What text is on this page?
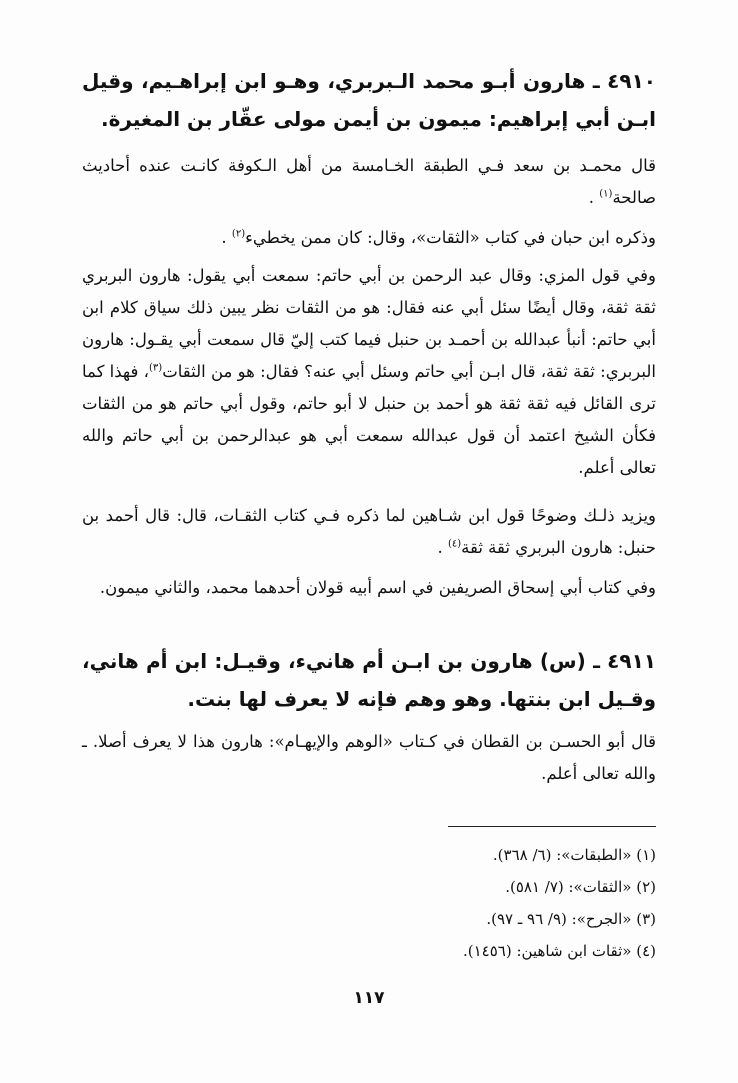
٤٩١٠ ـ هارون أبـو محمد الـبربري، وهـو ابن إبراهـيم، وقيل ابـن أبي إبراهيم: ميمون بن أيمن مولى عقّار بن المغيرة.
قال محمـد بن سعد فـي الطبقة الخـامسة من أهل الـكوفة كانـت عنده أحاديث صالحة$^{(١)}$ .
وذكره ابن حبان في كتاب «الثقات»، وقال: كان ممن يخطيء$^{(٢)}$ .
وفي قول المزي: وقال عبد الرحمن بن أبي حاتم: سمعت أبي يقول: هارون البربري ثقة ثقة، وقال أيضًا سئل أبي عنه فقال: هو من الثقات نظر يبين ذلك سياق كلام ابن أبي حاتم: أنبأ عبدالله بن أحمـد بن حنبل فيما كتب إليّ قال سمعت أبي يقـول: هارون البربري: ثقة ثقة، قال ابـن أبي حاتم وسئل أبي عنه؟ فقال: هو من الثقات$^{(٣)}$، فهذا كما ترى القائل فيه ثقة ثقة هو أحمد بن حنبل لا أبو حاتم، وقول أبي حاتم هو من الثقات فكأن الشيخ اعتمد أن قول عبدالله سمعت أبي هو عبدالرحمن بن أبي حاتم والله تعالى أعلم.
ويزيد ذلـك وضوحًا قول ابن شـاهين لما ذكره فـي كتاب الثقـات، قال: قال أحمد بن حنبل: هارون البربري ثقة ثقة$^{(٤)}$ .
وفي كتاب أبي إسحاق الصريفين في اسم أبيه قولان أحدهما محمد، والثاني ميمون.
٤٩١١ ـ (س) هارون بن ابـن أم هانيء، وقيـل: ابن أم هاني، وقـيل ابن بنتها. وهو وهم فإنه لا يعرف لها بنت.
قال أبو الحسـن بن القطان في كـتاب «الوهم والإيهـام»: هارون هذا لا يعرف أصلا. ـ والله تعالى أعلم.
(١) «الطبقات»: (٦/ ٣٦٨).
(٢) «الثقات»: (٧/ ٥٨١).
(٣) «الجرح»: (٩/ ٩٦ ـ ٩٧).
(٤) «ثقات ابن شاهين: (١٤٥٦).
١١٧
